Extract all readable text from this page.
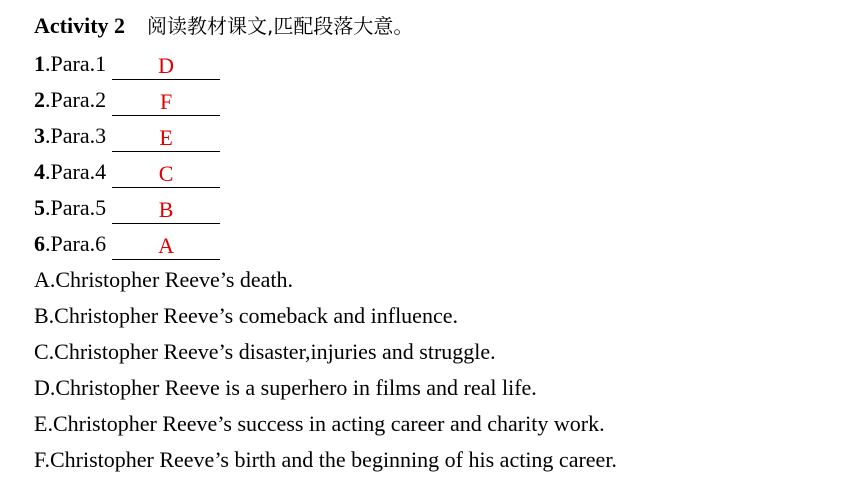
Activity 2 阅读教材课文,匹配段落大意。
1 .Para.1	D
2 .Para.2	F
3 .Para.3	E
4 .Para.4	C
5 .Para.5	B
6 .Para.6	A
A.Christopher Reeve’s death.
B.Christopher Reeve’s comeback and influence.
C.Christopher Reeve’s disaster,injuries and struggle.
D.Christopher Reeve is a superhero in films and real life.
E.Christopher Reeve’s success in acting career and charity work.
F.Christopher Reeve’s birth and the beginning of his acting career.
